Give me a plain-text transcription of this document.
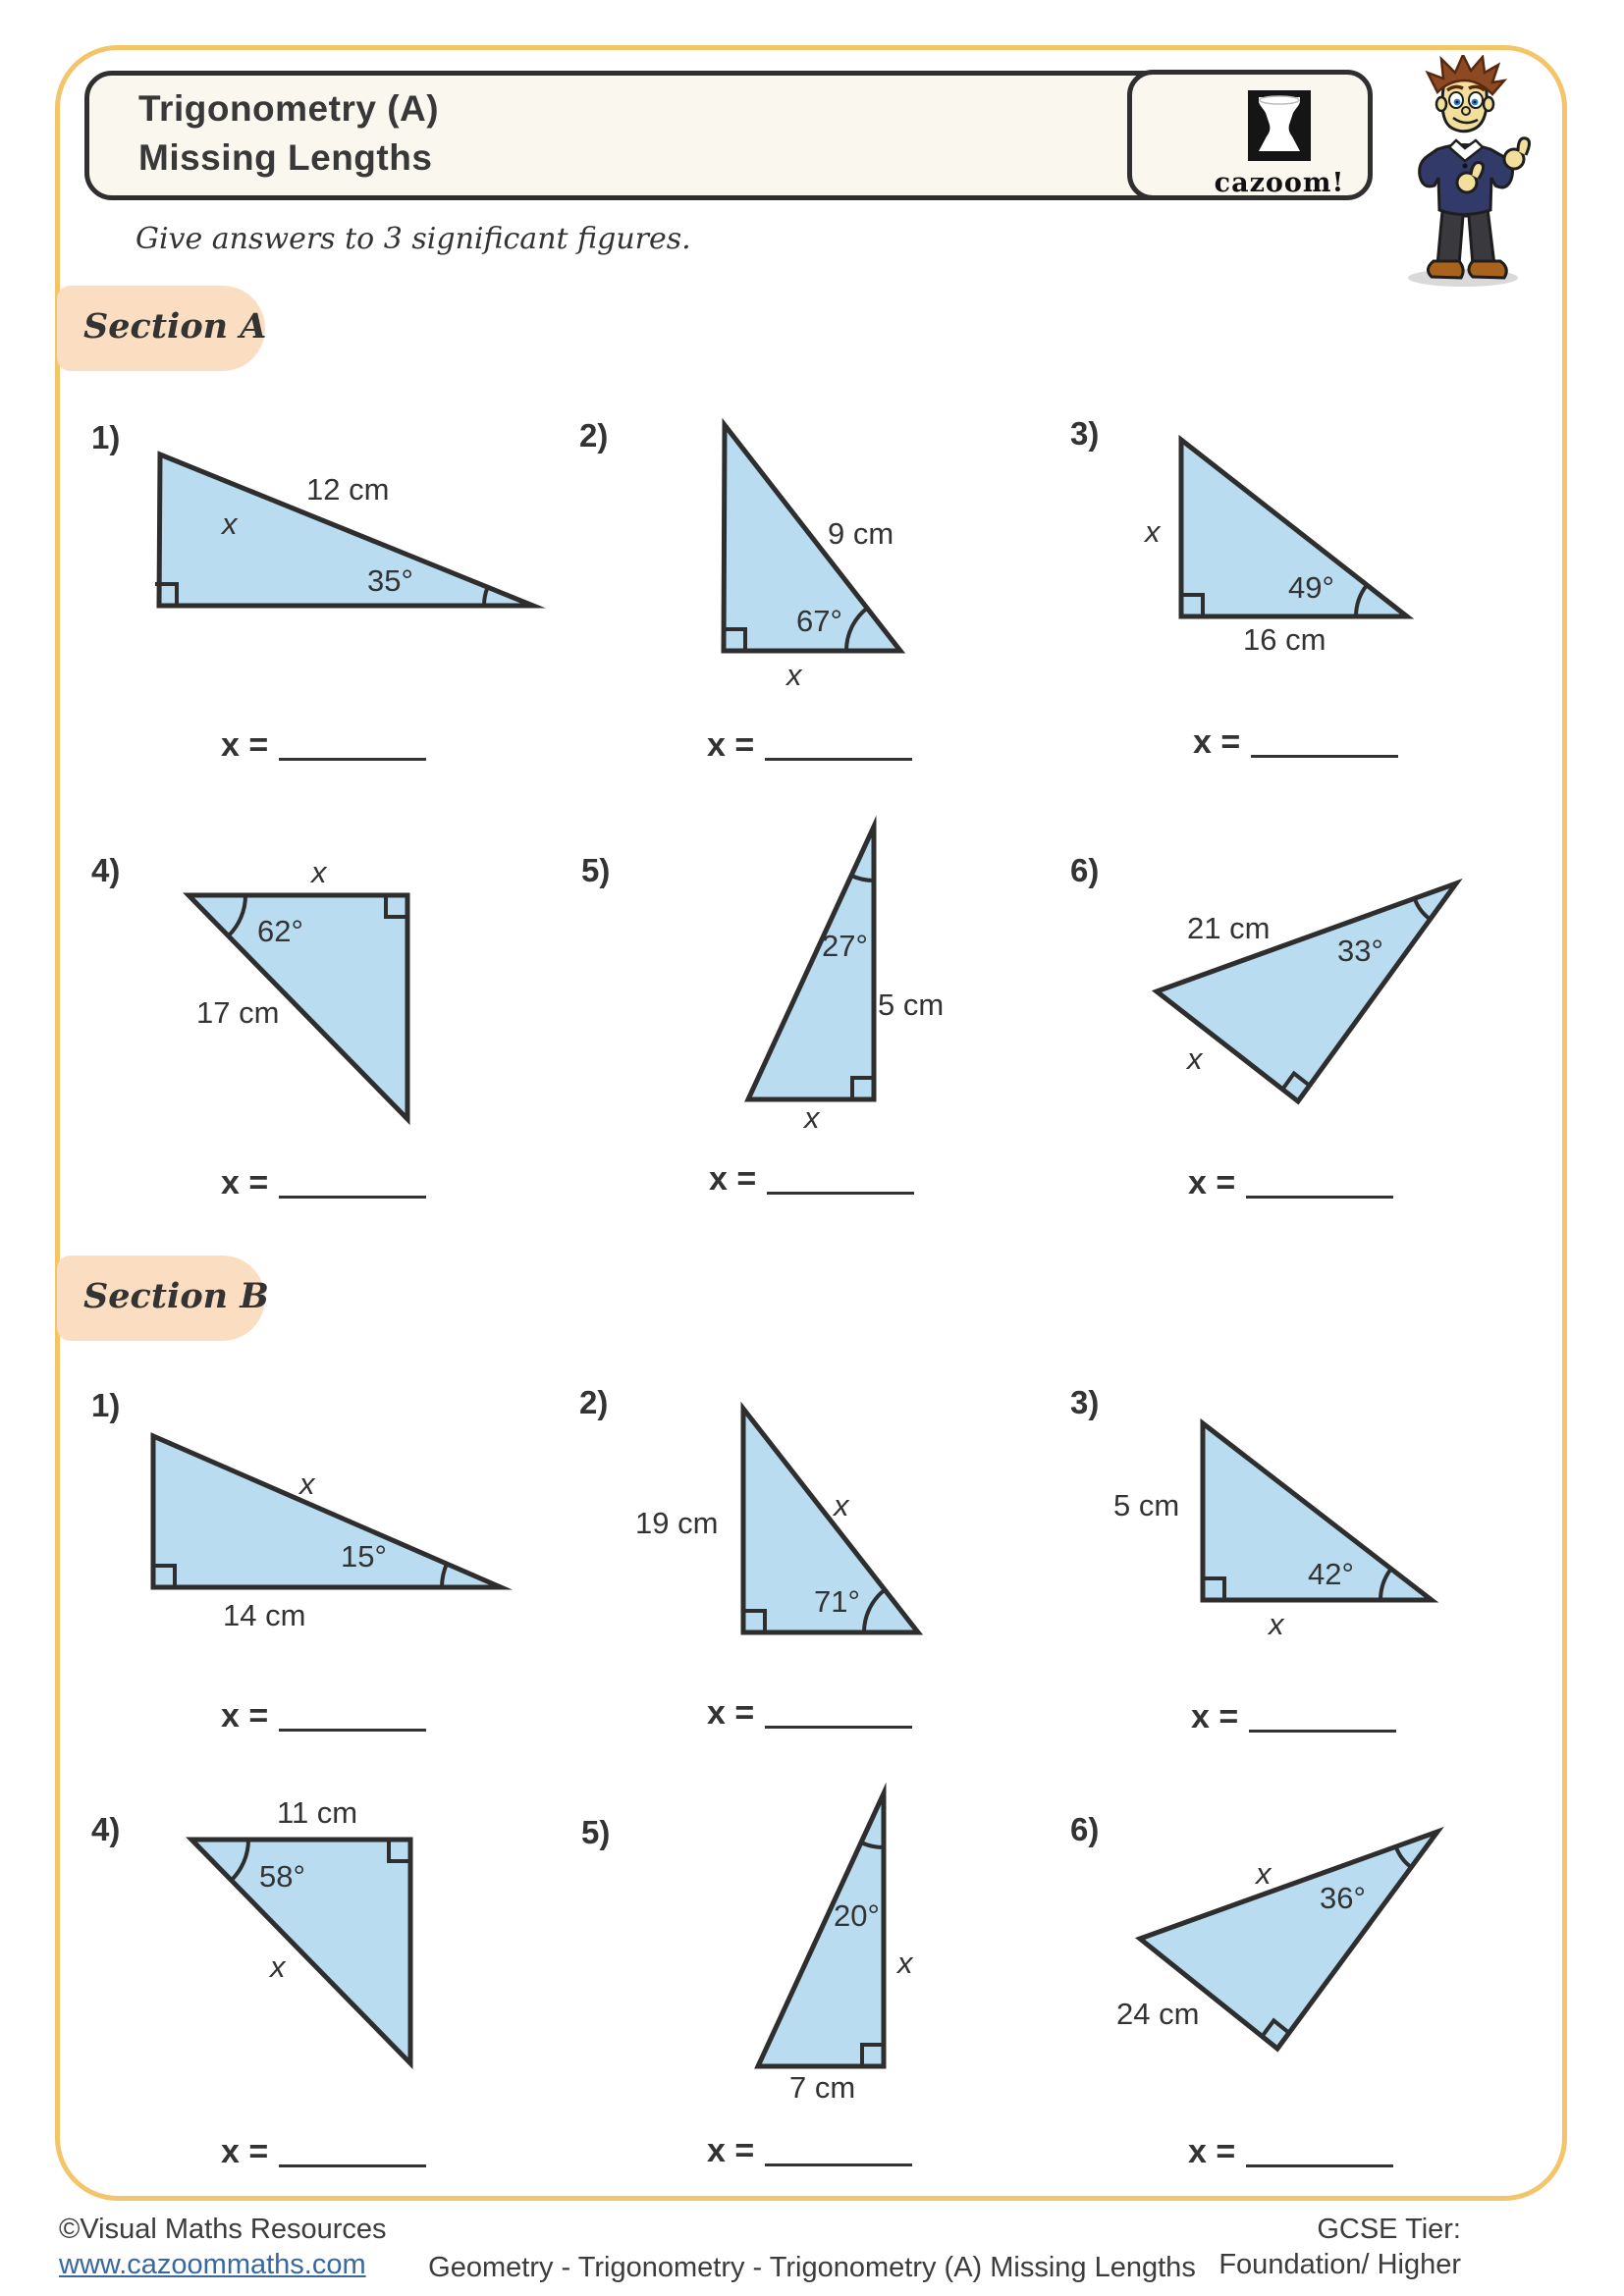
Trigonometry (A)
Missing Lengths
cazoom!
Give answers to 3 significant figures.
Section A
1)
x
12 cm
35°
x =
2)
9 cm
67°
x
x =
3)
x
49°
16 cm
x =
4)	x
62°
17 cm
x =
5)
27°
5 cm
x
x =
6)
21 cm
33°
x
x =
Section B
1)
x
15°
14 cm
x =
2)
19 cm
x
71°
x =
3)
5 cm
42°
x
x =
4)	11 cm
58°
x
x =
5)
20°
x
7 cm
x =
6)
x
36°
24 cm
x =
©Visual Maths Resources
www.cazoommaths.com	Geometry - Trigonometry - Trigonometry (A) Missing Lengths
GCSE Tier:
Foundation/ Higher
